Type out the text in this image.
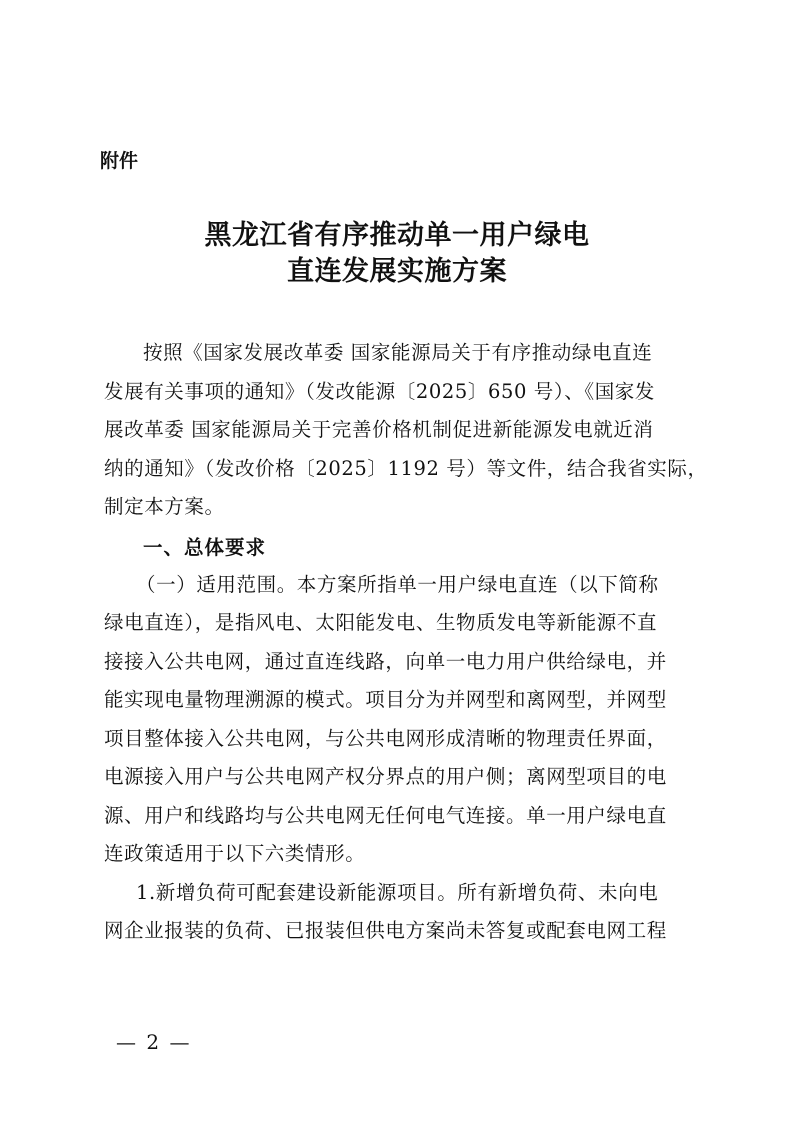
附件
黑龙江省有序推动单一用户绿电
直连发展实施方案
按照《国家发展改革委 国家能源局关于有序推动绿电直连
发展有关事项的通知》（发改能源〔2025〕650 号）、《国家发
展改革委 国家能源局关于完善价格机制促进新能源发电就近消
纳的通知》（发改价格〔2025〕1192 号）等文件，结合我省实际，
制定本方案。
一、总体要求
（一）适用范围。本方案所指单一用户绿电直连（以下简称
绿电直连），是指风电、太阳能发电、生物质发电等新能源不直
接接入公共电网，通过直连线路，向单一电力用户供给绿电，并
能实现电量物理溯源的模式。项目分为并网型和离网型，并网型
项目整体接入公共电网，与公共电网形成清晰的物理责任界面，
电源接入用户与公共电网产权分界点的用户侧；离网型项目的电
源、用户和线路均与公共电网无任何电气连接。单一用户绿电直
连政策适用于以下六类情形。
1.新增负荷可配套建设新能源项目。所有新增负荷、未向电
网企业报装的负荷、已报装但供电方案尚未答复或配套电网工程
— 2 —
